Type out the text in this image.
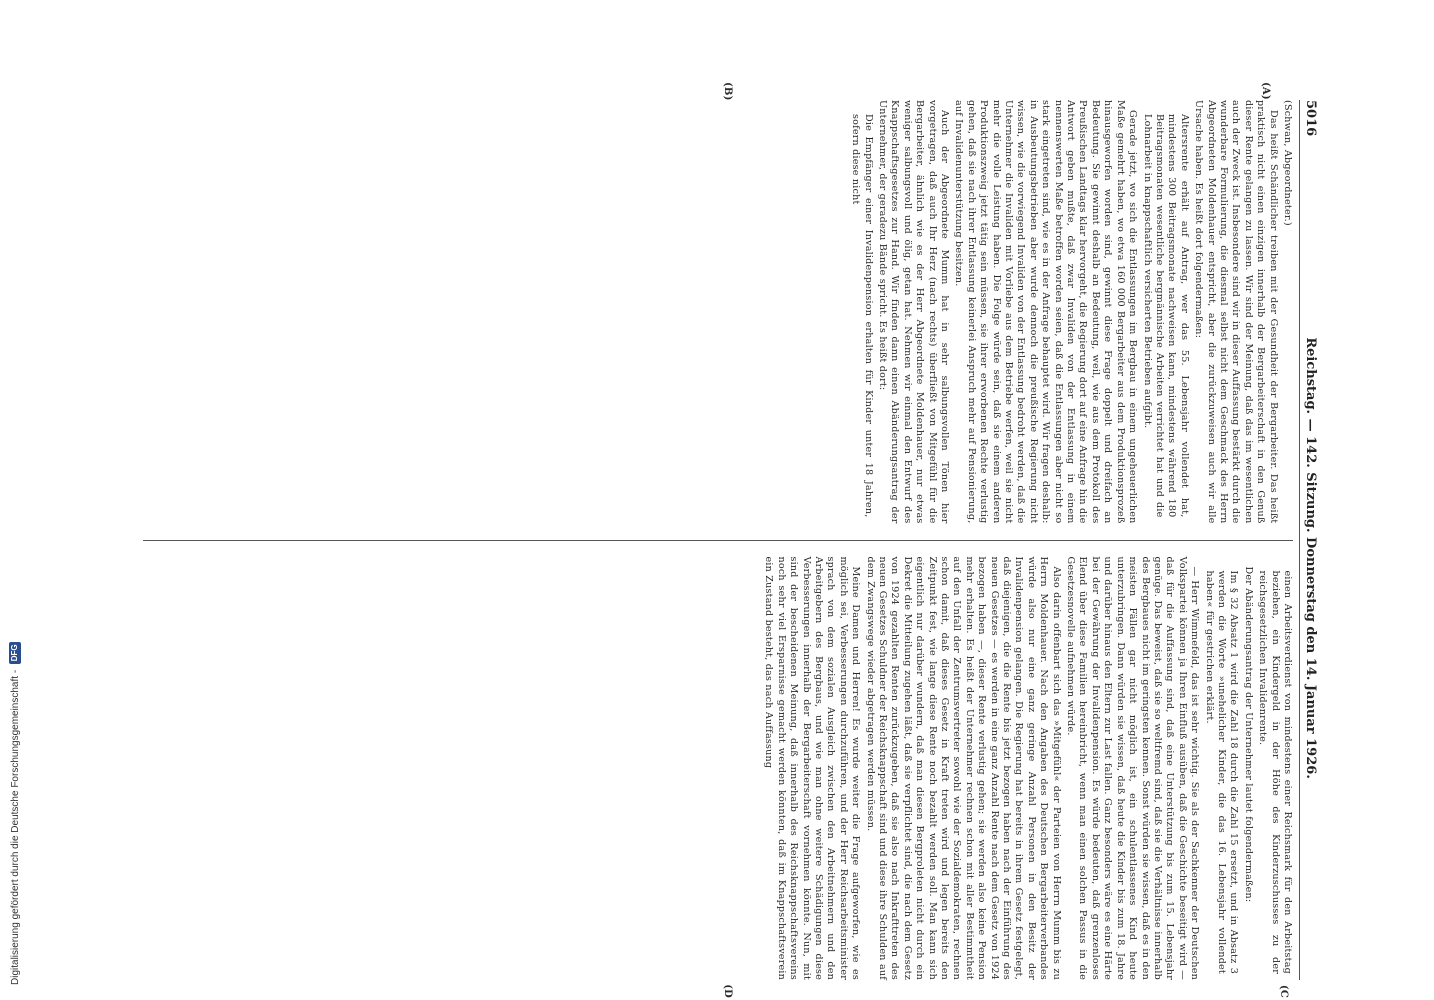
Digitalisierung gefördert durch die Deutsche Forschungsgemeinschaft -
DFG
5016
Reichstag. — 142. Sitzung. Donnerstag den 14. Januar 1926.
(A)
(B)

(Schwan, Abgeordneter.)

Das heißt Schändlicher treiben mit der Gesundheit der Bergarbeiter. Das heißt praktisch nicht einen einzigen innerhalb der Bergarbeiterschaft in den Genuß dieser Rente gelangen zu lassen. Wir sind der Meinung, daß das im wesentlichen auch der Zweck ist. Insbesondere sind wir in dieser Auffassung bestärkt durch die wunderbare Formulierung, die diesmal selbst nicht dem Geschmack des Herrn Abgeordneten Moldenhauer entspricht, aber die zurückzuweisen auch wir alle Ursache haben. Es heißt dort folgendermaßen:

Altersrente erhält auf Antrag, wer das 55. Lebensjahr vollendet hat, mindestens 300 Beitragsmonate nachweisen kann, mindestens während 180 Beitragsmonaten wesentliche bergmännische Arbeiten verrichtet hat und die Lohnarbeit in knappschaftlich versicherten Betrieben aufgibt.

Gerade jetzt, wo sich die Entlassungen im Bergbau in einem ungeheuerlichen Maße gemehrt haben, wo etwa 160 000 Bergarbeiter aus dem Produktionsprozeß hinausgeworfen worden sind, gewinnt diese Frage doppelt und dreifach an Bedeutung. Sie gewinnt deshalb an Bedeutung, weil, wie aus dem Protokoll des Preußischen Landtags klar hervorgeht, die Regierung dort auf eine Anfrage hin die Antwort geben mußte, daß zwar Invaliden von der Entlassung in einem nennenswerten Maße betroffen worden seien, daß die Entlassungen aber nicht so stark eingetreten sind, wie es in der Anfrage behauptet wird. Wir fragen deshalb: in Ausbeutungsbetrieben aber wurde dennoch die preußische Regierung nicht wissen, wie die vorwiegend Invaliden von der Entlassung bedroht werden, daß die Unternehmer die Invaliden mit Vorliebe aus dem Betriebe werfen, weil sie nicht mehr die volle Leistung haben. Die Folge würde sein, daß sie einem anderen Produktionszweig jetzt tätig sein müssen, sie ihrer erworbenen Rechte verlustig gehen, daß sie nach ihrer Entlassung keinerlei Anspruch mehr auf Pensionierung, auf Invalidenunterstützung besitzen.

Auch der Abgeordnete Mumm hat in sehr salbungsvollen Tönen hier vorgetragen, daß auch Ihr Herz (nach rechts) überfließt von Mitgefühl für die Bergarbeiter, ähnlich wie es der Herr Abgeordnete Moldenhauer, nur etwas weniger salbungsvoll und ölig, getan hat. Nehmen wir einmal den Entwurf des Knappschaftsgesetzes zur Hand. Wir finden dann einen Abänderungsantrag der Unternehmer, der geradezu Bände spricht. Es heißt dort:

Die Empfänger einer Invalidenpension erhalten für Kinder unter 18 Jahren, sofern diese nicht

(C
(D

einen Arbeitsverdienst von mindestens einer Reichsmark für den Arbeitstag beziehen, ein Kindergeld in der Höhe des Kinderzuschusses zu der reichsgesetzlichen Invalidenrente.

Der Abänderungsantrag der Unternehmer lautet folgendermaßen:

Im § 32 Absatz 1 wird die Zahl 18 durch die Zahl 15 ersetzt, und in Absatz 3 werden die Worte »unehelicher Kinder, die das 16. Lebensjahr vollendet haben« für gestrichen erklärt.

— Herr Wimmefeld, das ist sehr wichtig. Sie als der Sachkenner der Deutschen Volkspartei können ja Ihren Einfluß ausüben, daß die Geschichte beseitigt wird — daß für die Auffassung sind, daß eine Unterstützung bis zum 15. Lebensjahr genüge. Das beweist, daß sie so weltfremd sind, daß sie die Verhältnisse innerhalb des Bergbaues nicht im geringsten kennen. Sonst würden sie wissen, daß es in den meisten Fällen gar nicht möglich ist, ein schulentlassenes Kind heute unterzubringen. Dann würden sie wissen, daß heute die Kinder bis zum 18. Jahre und darüber hinaus den Eltern zur Last fallen. Ganz besonders wäre es eine Härte bei der Gewährung der Invalidenpension. Es würde bedeuten, daß grenzenloses Elend über diese Familien hereinbricht, wenn man einen solchen Passus in die Gesetzesnovelle aufnehmen würde.

Also darin offenbart sich das »Mitgefühl« der Parteien von Herrn Mumm bis zu Herrn Moldenhauer. Nach den Angaben des Deutschen Bergarbeiterverbandes würde also nur eine ganz geringe Anzahl Personen in den Besitz der Invalidenpension gelangen. Die Regierung hat bereits in ihrem Gesetz festgelegt, daß diejenigen, die die Rente bis jetzt bezogen haben nach der Einführung des neuen Gesetzes — es werden in eine ganz Anzahl Rente nach dem Gesetz von 1924 bezogen haben —, dieser Rente verlustig gehen; sie werden also keine Pension mehr erhalten. Es heißt der Unternehmer rechnen schon mit aller Bestimmtheit auf den Unfall der Zentrumsvertreter sowohl wie der Sozialdemokraten, rechnen schon damit, daß dieses Gesetz in Kraft treten wird und legen bereits den Zeitpunkt fest, wie lange diese Rente noch bezahlt werden soll. Man kann sich eigentlich nur darüber wundern, daß man diesen Bergproleten nicht durch ein Dekret die Mitteilung zugehen läßt, daß sie verpflichtet sind, die nach dem Gesetz von 1924 gezahlten Renten zurückzugeben, daß sie also nach Inkrafttreten des neuen Gesetzes Schuldner der Reichsknappschaft sind und diese ihre Schulden auf dem Zwangswege wieder abgetragen werden müssen.

Meine Damen und Herren! Es wurde weiter die Frage aufgeworfen, wie es möglich sei, Verbesserungen durchzuführen, und der Herr Reichsarbeitsminister sprach von dem sozialen Ausgleich zwischen den Arbeitnehmern und den Arbeitgebern des Bergbaus, und wie man ohne weitere Schädigungen diese Verbesserungen innerhalb der Bergarbeiterschaft vornehmen könnte. Nun, mit sind der bescheidenen Meinung, daß innerhalb des Reichsknappschaftsvereins noch sehr viel Ersparnisse gemacht werden könnten, daß im Knappschaftsverein ein Zustand besteht, das nach Auffassung
